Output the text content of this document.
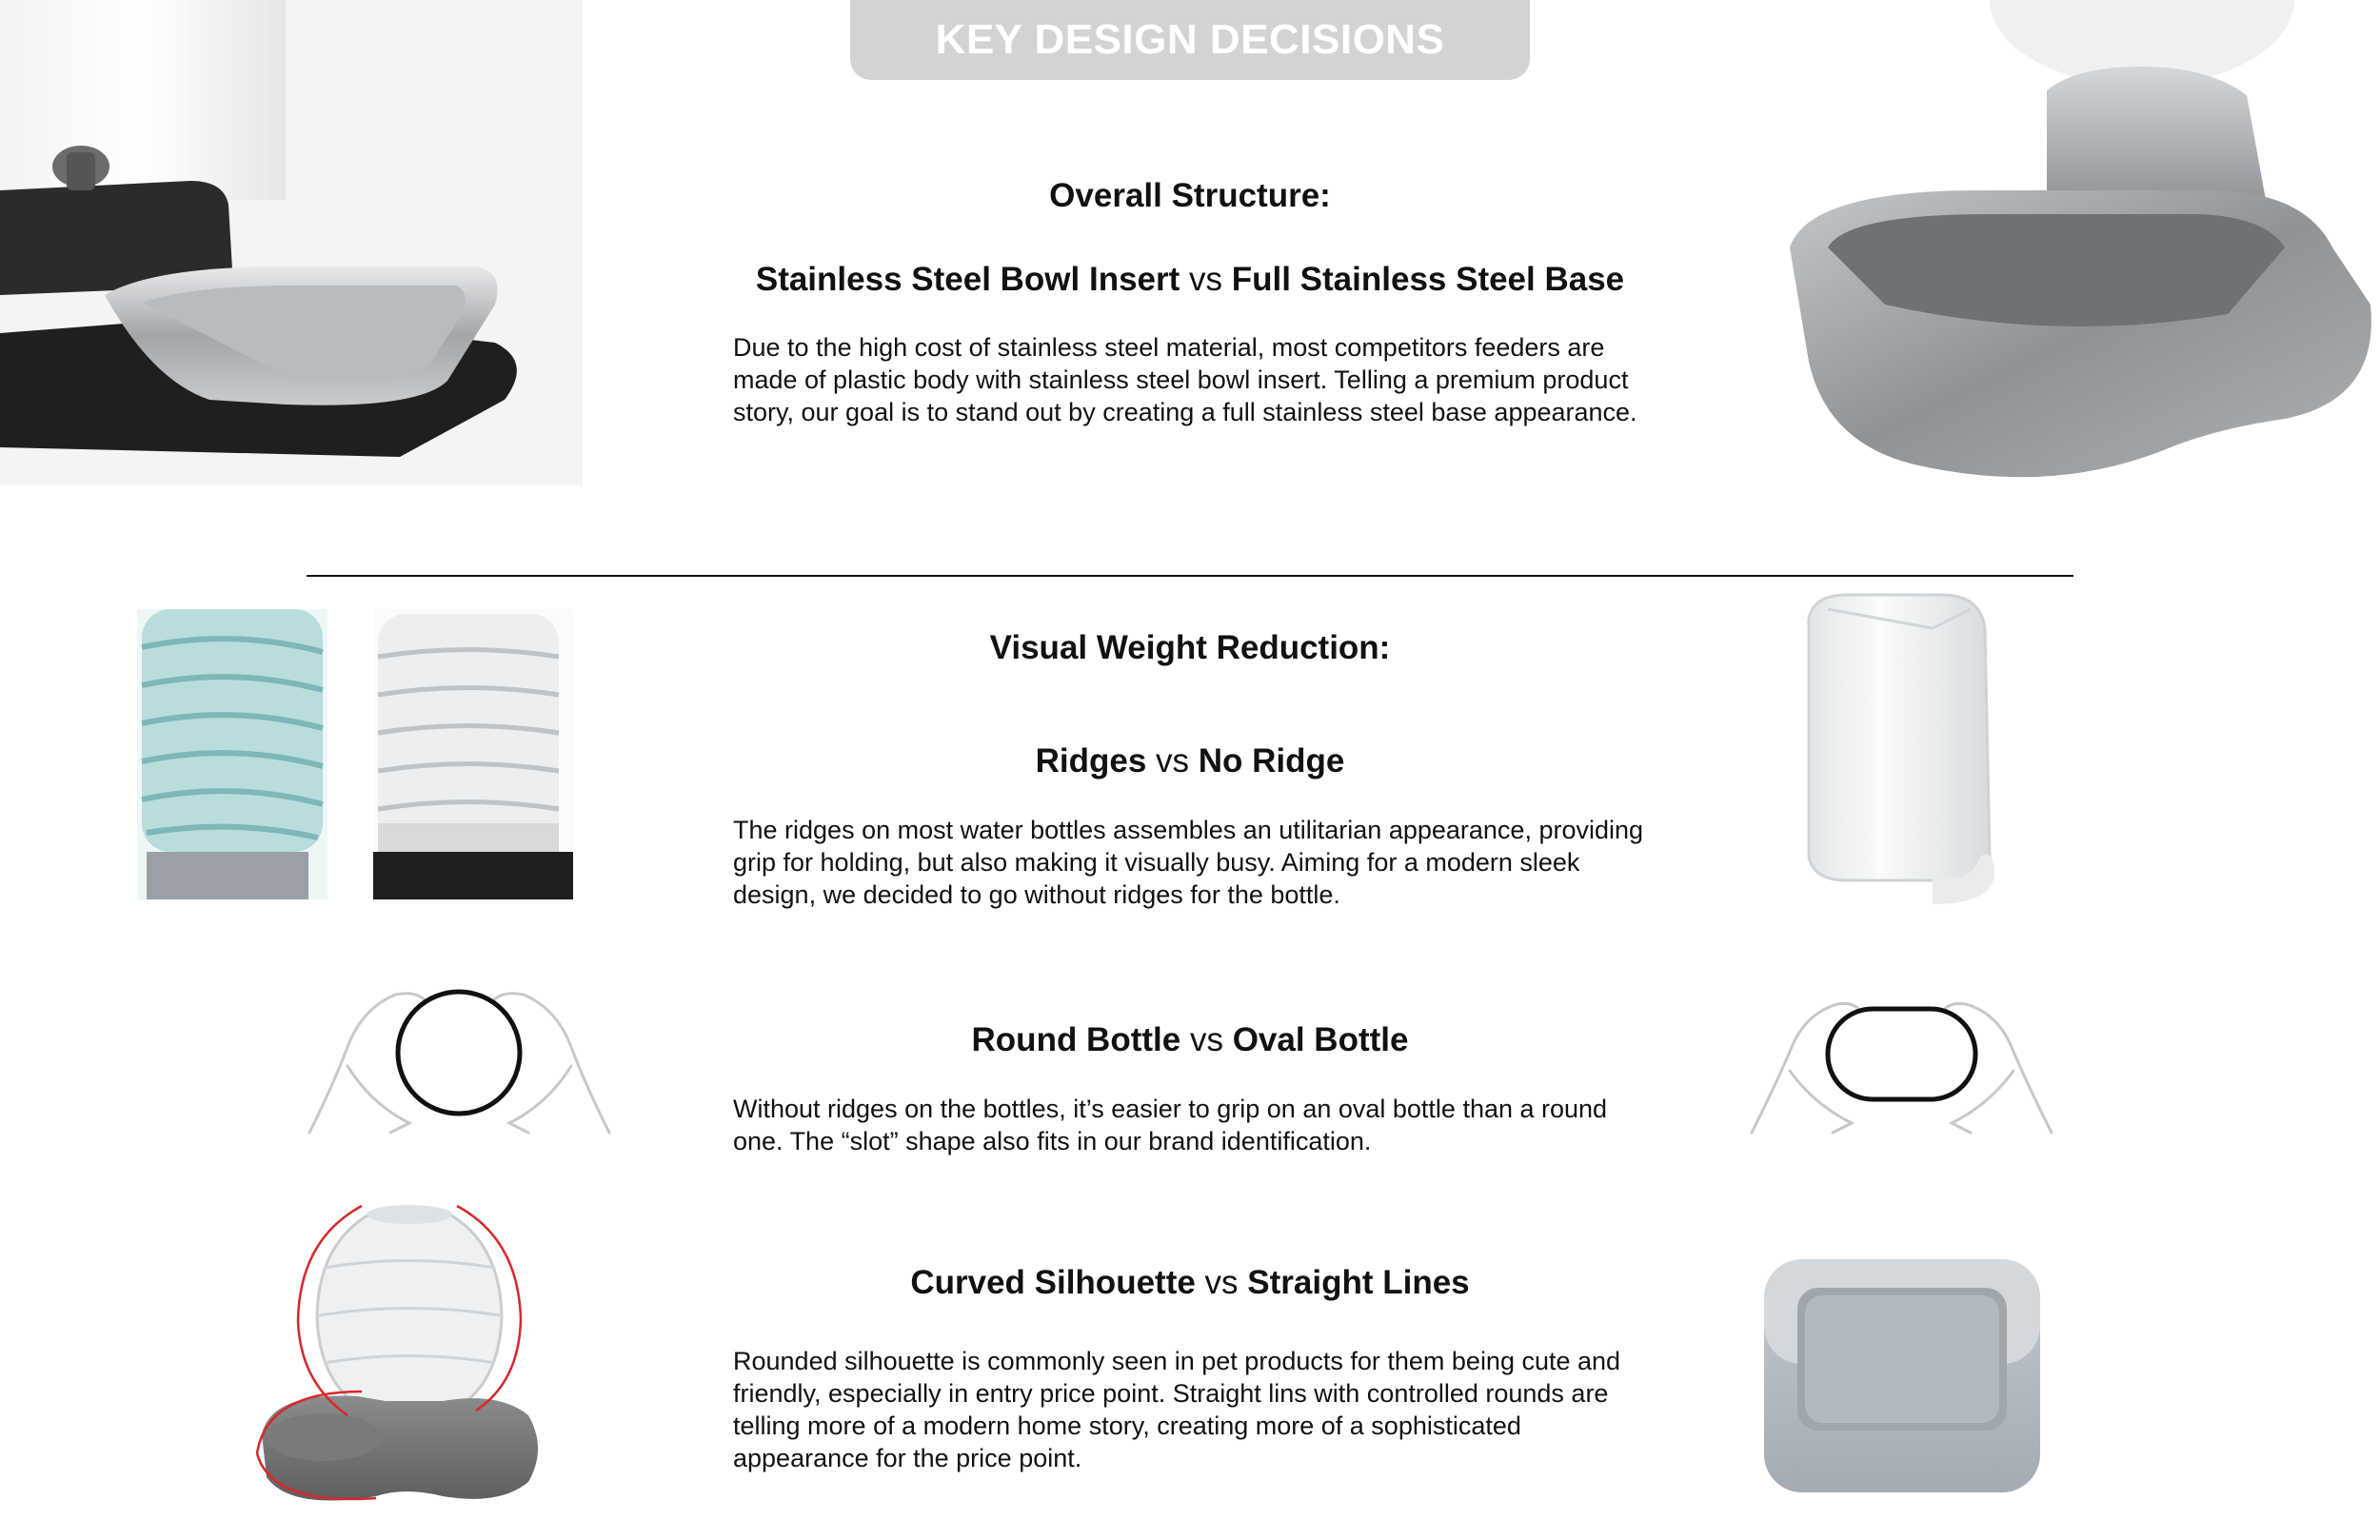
KEY DESIGN DECISIONS
Overall Structure:
Stainless Steel Bowl Insert vs Full Stainless Steel Base
Due to the high cost of stainless steel material, most competitors feeders are made of plastic body with stainless steel bowl insert. Telling a premium product story, our goal is to stand out by creating a full stainless steel base appearance.
Visual Weight Reduction:
Ridges vs No Ridge
The ridges on most water bottles assembles an utilitarian appearance, providing grip for holding, but also making it visually busy. Aiming for a modern sleek design, we decided to go without ridges for the bottle.
Round Bottle vs Oval Bottle
Without ridges on the bottles, it’s easier to grip on an oval bottle than a round one. The “slot” shape also fits in our brand identification.
Curved Silhouette vs Straight Lines
Rounded silhouette is commonly seen in pet products for them being cute and friendly, especially in entry price point. Straight lins with controlled rounds are telling more of a modern home story, creating more of a sophisticated appearance for the price point.
